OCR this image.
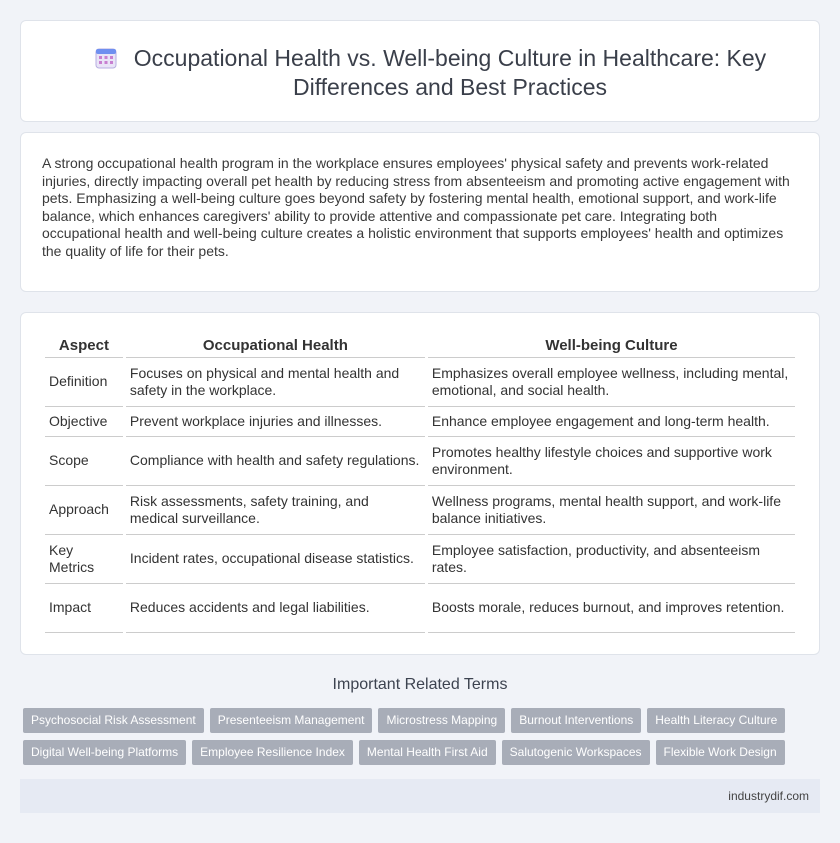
Occupational Health vs. Well-being Culture in Healthcare: Key Differences and Best Practices

A strong occupational health program in the workplace ensures employees' physical safety and prevents work-related injuries, directly impacting overall pet health by reducing stress from absenteeism and promoting active engagement with pets. Emphasizing a well-being culture goes beyond safety by fostering mental health, emotional support, and work-life balance, which enhances caregivers' ability to provide attentive and compassionate pet care. Integrating both occupational health and well-being culture creates a holistic environment that supports employees' health and optimizes the quality of life for their pets.

Aspect	Occupational Health	Well-being Culture
Definition	Focuses on physical and mental health and safety in the workplace.	Emphasizes overall employee wellness, including mental, emotional, and social health.
Objective	Prevent workplace injuries and illnesses.	Enhance employee engagement and long-term health.
Scope	Compliance with health and safety regulations.	Promotes healthy lifestyle choices and supportive work environment.
Approach	Risk assessments, safety training, and medical surveillance.	Wellness programs, mental health support, and work-life balance initiatives.
Key Metrics	Incident rates, occupational disease statistics.	Employee satisfaction, productivity, and absenteeism rates.
Impact	Reduces accidents and legal liabilities.	Boosts morale, reduces burnout, and improves retention.
Important Related Terms
Psychosocial Risk Assessment	Presenteeism Management	Microstress Mapping	Burnout Interventions	Health Literacy Culture
Digital Well-being Platforms	Employee Resilience Index	Mental Health First Aid	Salutogenic Workspaces	Flexible Work Design
industrydif.com
